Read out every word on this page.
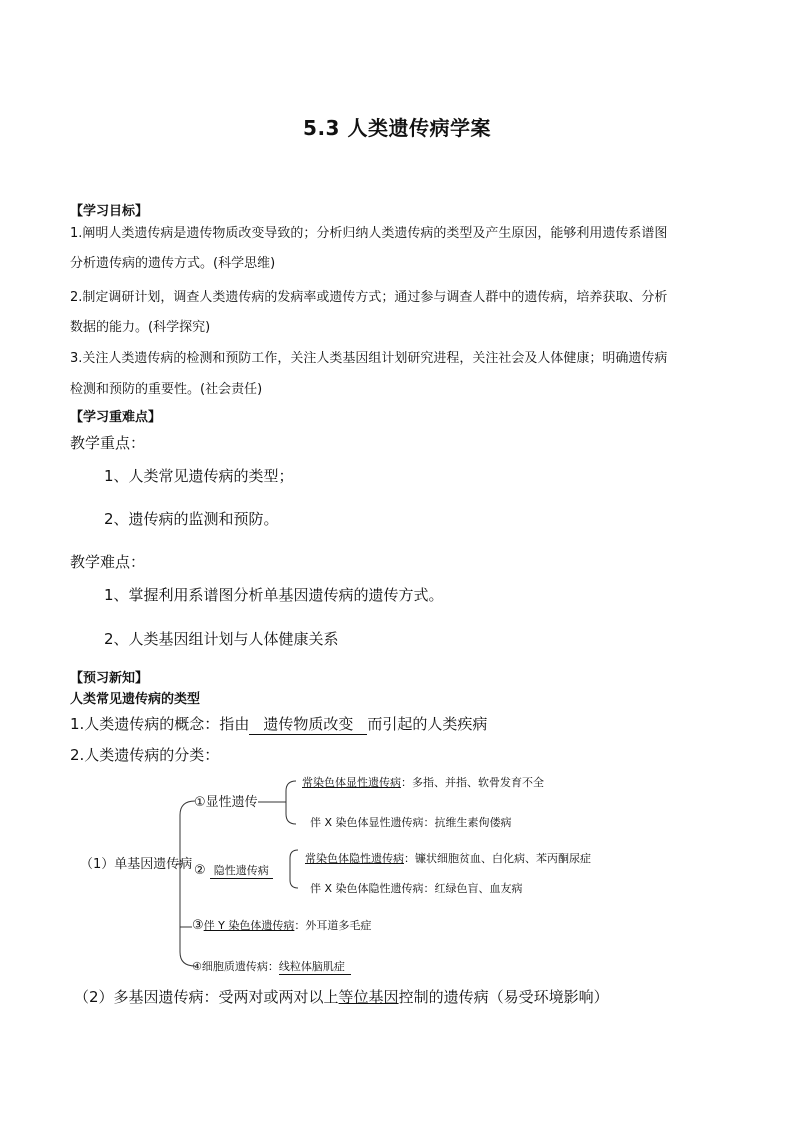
5.3 人类遗传病学案
【学习目标】
1.阐明人类遗传病是遗传物质改变导致的；分析归纳人类遗传病的类型及产生原因，能够利用遗传系谱图
分析遗传病的遗传方式。(科学思维)
2.制定调研计划，调查人类遗传病的发病率或遗传方式；通过参与调查人群中的遗传病，培养获取、分析
数据的能力。(科学探究)
3.关注人类遗传病的检测和预防工作，关注人类基因组计划研究进程，关注社会及人体健康；明确遗传病
检测和预防的重要性。(社会责任)
【学习重难点】
教学重点：
1、人类常见遗传病的类型；
2、遗传病的监测和预防。
教学难点：
1、掌握利用系谱图分析单基因遗传病的遗传方式。
2、人类基因组计划与人体健康关系
【预习新知】
人类常见遗传病的类型
1.人类遗传病的概念：指由 遗传物质改变 而引起的人类疾病
2.人类遗传病的分类：
（1）单基因遗传病
①显性遗传
常染色体显性遗传病：多指、并指、软骨发育不全
伴 X 染色体显性遗传病：抗维生素佝偻病
② 隐性遗传病
常染色体隐性遗传病：镰状细胞贫血、白化病、苯丙酮尿症
伴 X 染色体隐性遗传病：红绿色盲、血友病
③伴 Y 染色体遗传病：外耳道多毛症
④细胞质遗传病：线粒体脑肌症
（2）多基因遗传病：受两对或两对以上等位基因控制的遗传病（易受环境影响）
